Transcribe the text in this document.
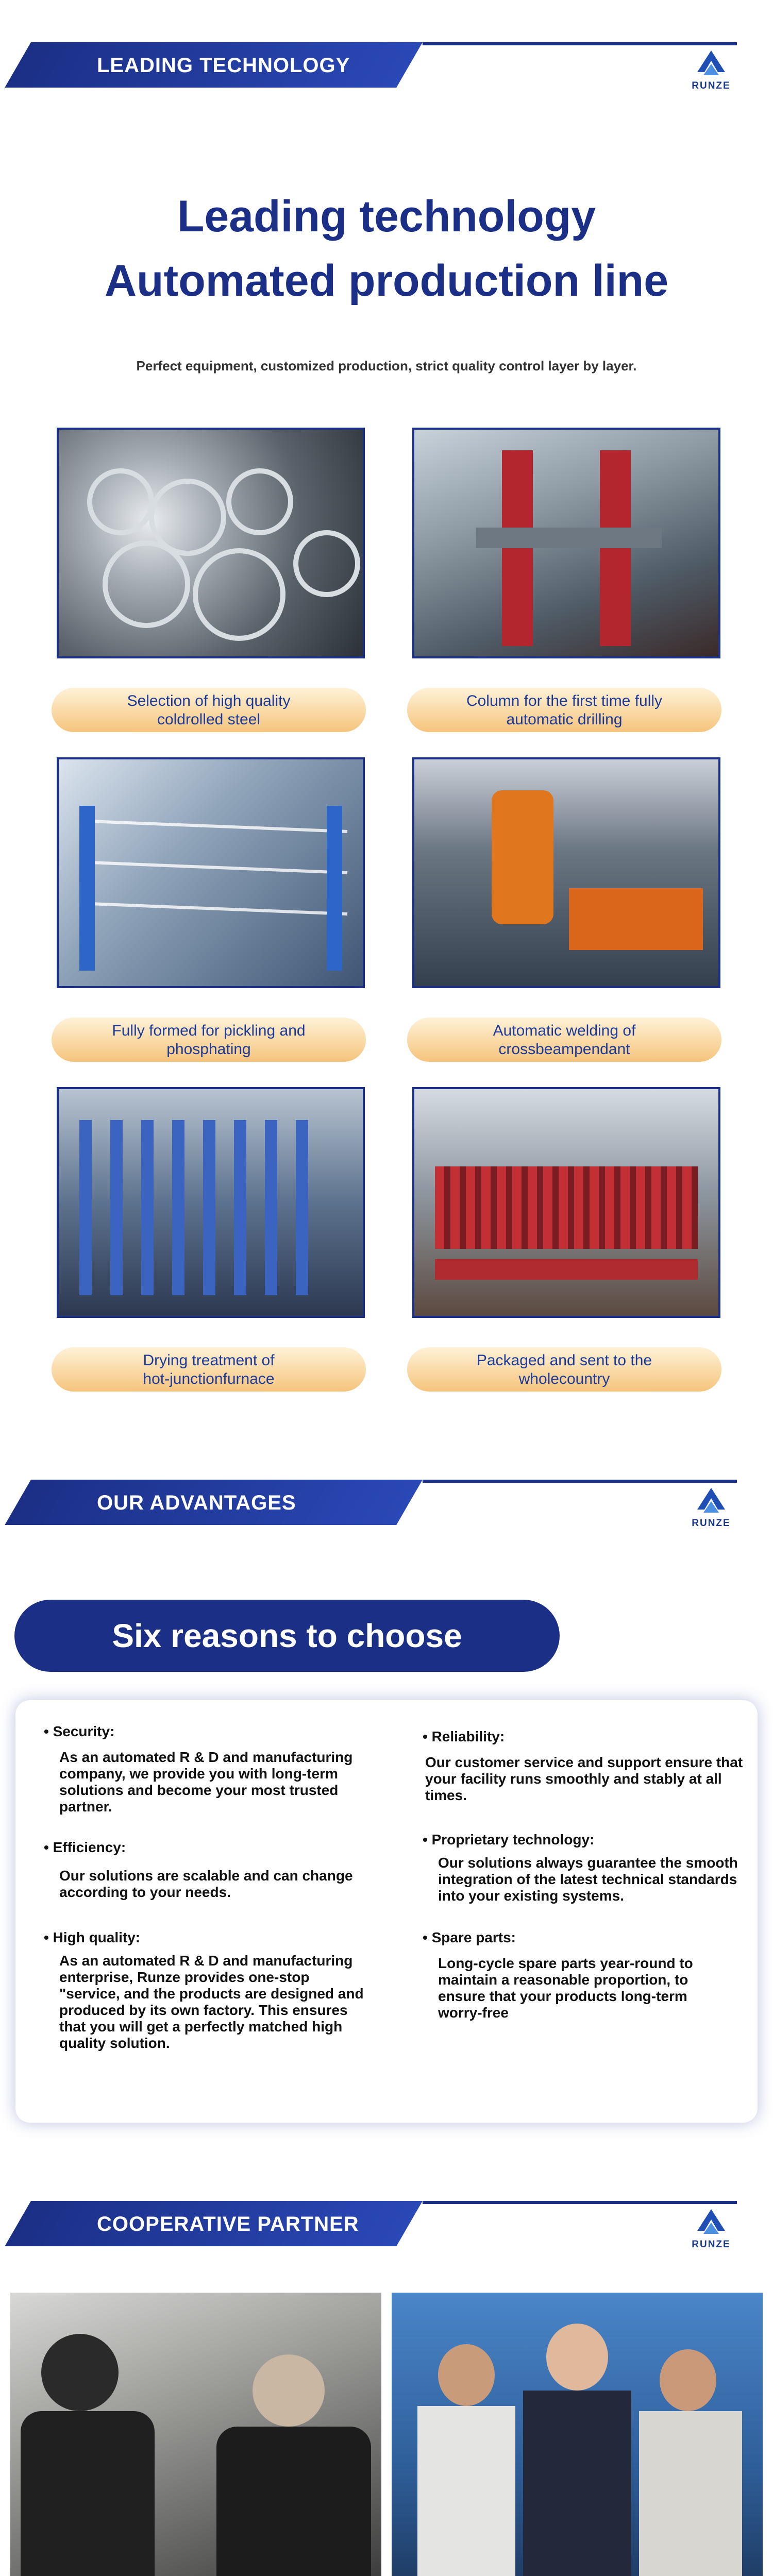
LEADING TECHNOLOGY
RUNZE
Leading technology
Automated production line
Perfect equipment, customized production, strict quality control layer by layer.
Selection of high quality
coldrolled steel
Column for the first time fully
automatic drilling
Fully formed for pickling and
phosphating
Automatic welding of
crossbeampendant
Drying treatment of
hot-junctionfurnace
Packaged and sent to the
wholecountry
OUR ADVANTAGES
RUNZE
Six reasons to choose
• Security:
As an automated R & D and manufacturing company, we provide you with long-term solutions and become your most trusted partner.
• Efficiency:
Our solutions are scalable and can change according to your needs.
• High quality:
As an automated R & D and manufacturing enterprise, Runze provides one-stop "service, and the products are designed and produced by its own factory. This ensures that you will get a perfectly matched high quality solution.
• Reliability:
Our customer service and support ensure that your facility runs smoothly and stably at all times.
• Proprietary technology:
Our solutions always guarantee the smooth integration of the latest technical standards into your existing systems.
• Spare parts:
Long-cycle spare parts year-round to maintain a reasonable proportion, to ensure that your products long-term worry-free
COOPERATIVE PARTNER
RUNZE
